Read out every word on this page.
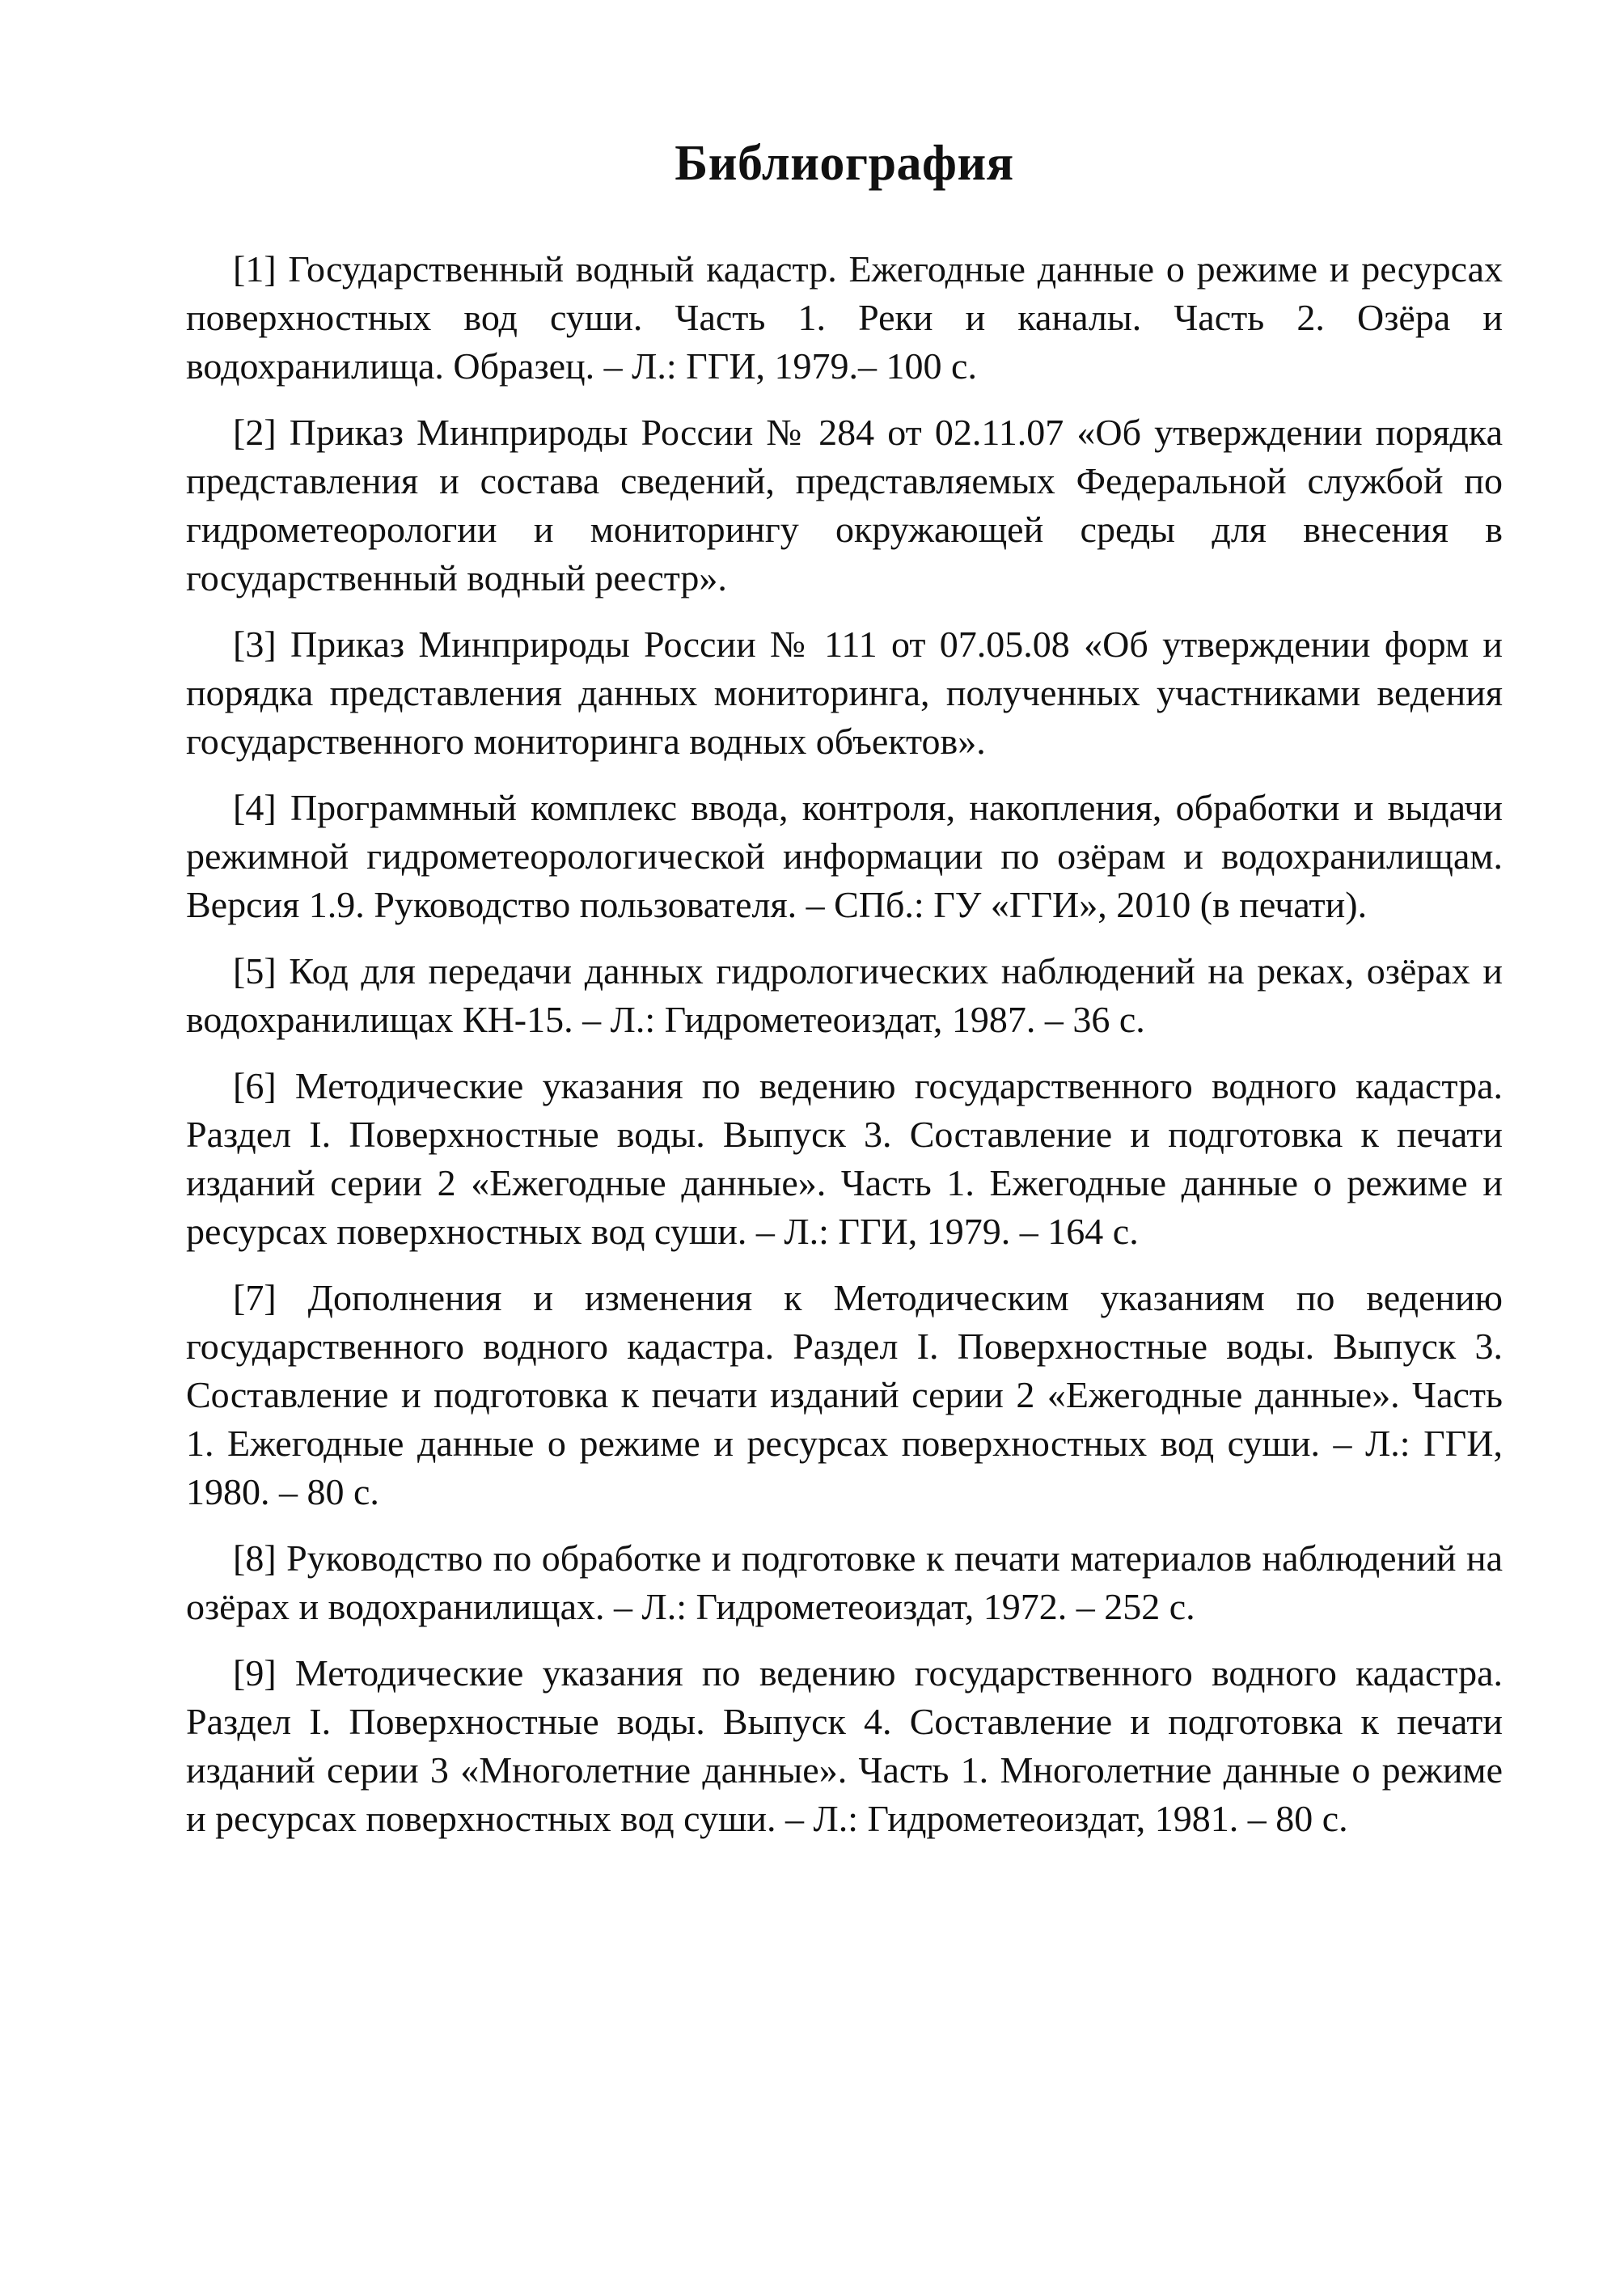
Библиография

[1] Государственный водный кадастр. Ежегодные данные о режиме и ресурсах поверхностных вод суши. Часть 1. Реки и каналы. Часть 2. Озёра и водохранилища. Образец. – Л.: ГГИ, 1979.– 100 с.

[2] Приказ Минприроды России № 284 от 02.11.07 «Об утверждении порядка представления и состава сведений, представляемых Федеральной службой по гидрометеорологии и мониторингу окружающей среды для внесения в государственный водный реестр».

[3] Приказ Минприроды России № 111 от 07.05.08 «Об утверждении форм и порядка представления данных мониторинга, полученных участниками ведения государственного мониторинга водных объектов».

[4] Программный комплекс ввода, контроля, накопления, обработки и выдачи режимной гидрометеорологической информации по озёрам и водохранилищам. Версия 1.9. Руководство пользователя. – СПб.: ГУ «ГГИ», 2010 (в печати).

[5] Код для передачи данных гидрологических наблюдений на реках, озёрах и водохранилищах КН-15. – Л.: Гидрометеоиздат, 1987. – 36 с.

[6] Методические указания по ведению государственного водного кадастра. Раздел I. Поверхностные воды. Выпуск 3. Составление и подготовка к печати изданий серии 2 «Ежегодные данные». Часть 1. Ежегодные данные о режиме и ресурсах поверхностных вод суши. – Л.: ГГИ, 1979. – 164 с.

[7] Дополнения и изменения к Методическим указаниям по ведению государственного водного кадастра. Раздел I. Поверхностные воды. Выпуск 3. Составление и подготовка к печати изданий серии 2 «Ежегодные данные». Часть 1. Ежегодные данные о режиме и ресурсах поверхностных вод суши. – Л.: ГГИ, 1980. – 80 с.

[8] Руководство по обработке и подготовке к печати материалов наблюдений на озёрах и водохранилищах. – Л.: Гидрометеоиздат, 1972. – 252 с.

[9] Методические указания по ведению государственного водного кадастра. Раздел I. Поверхностные воды. Выпуск 4. Составление и подготовка к печати изданий серии 3 «Многолетние данные». Часть 1. Многолетние данные о режиме и ресурсах поверхностных вод суши. – Л.: Гидрометеоиздат, 1981. – 80 с.
